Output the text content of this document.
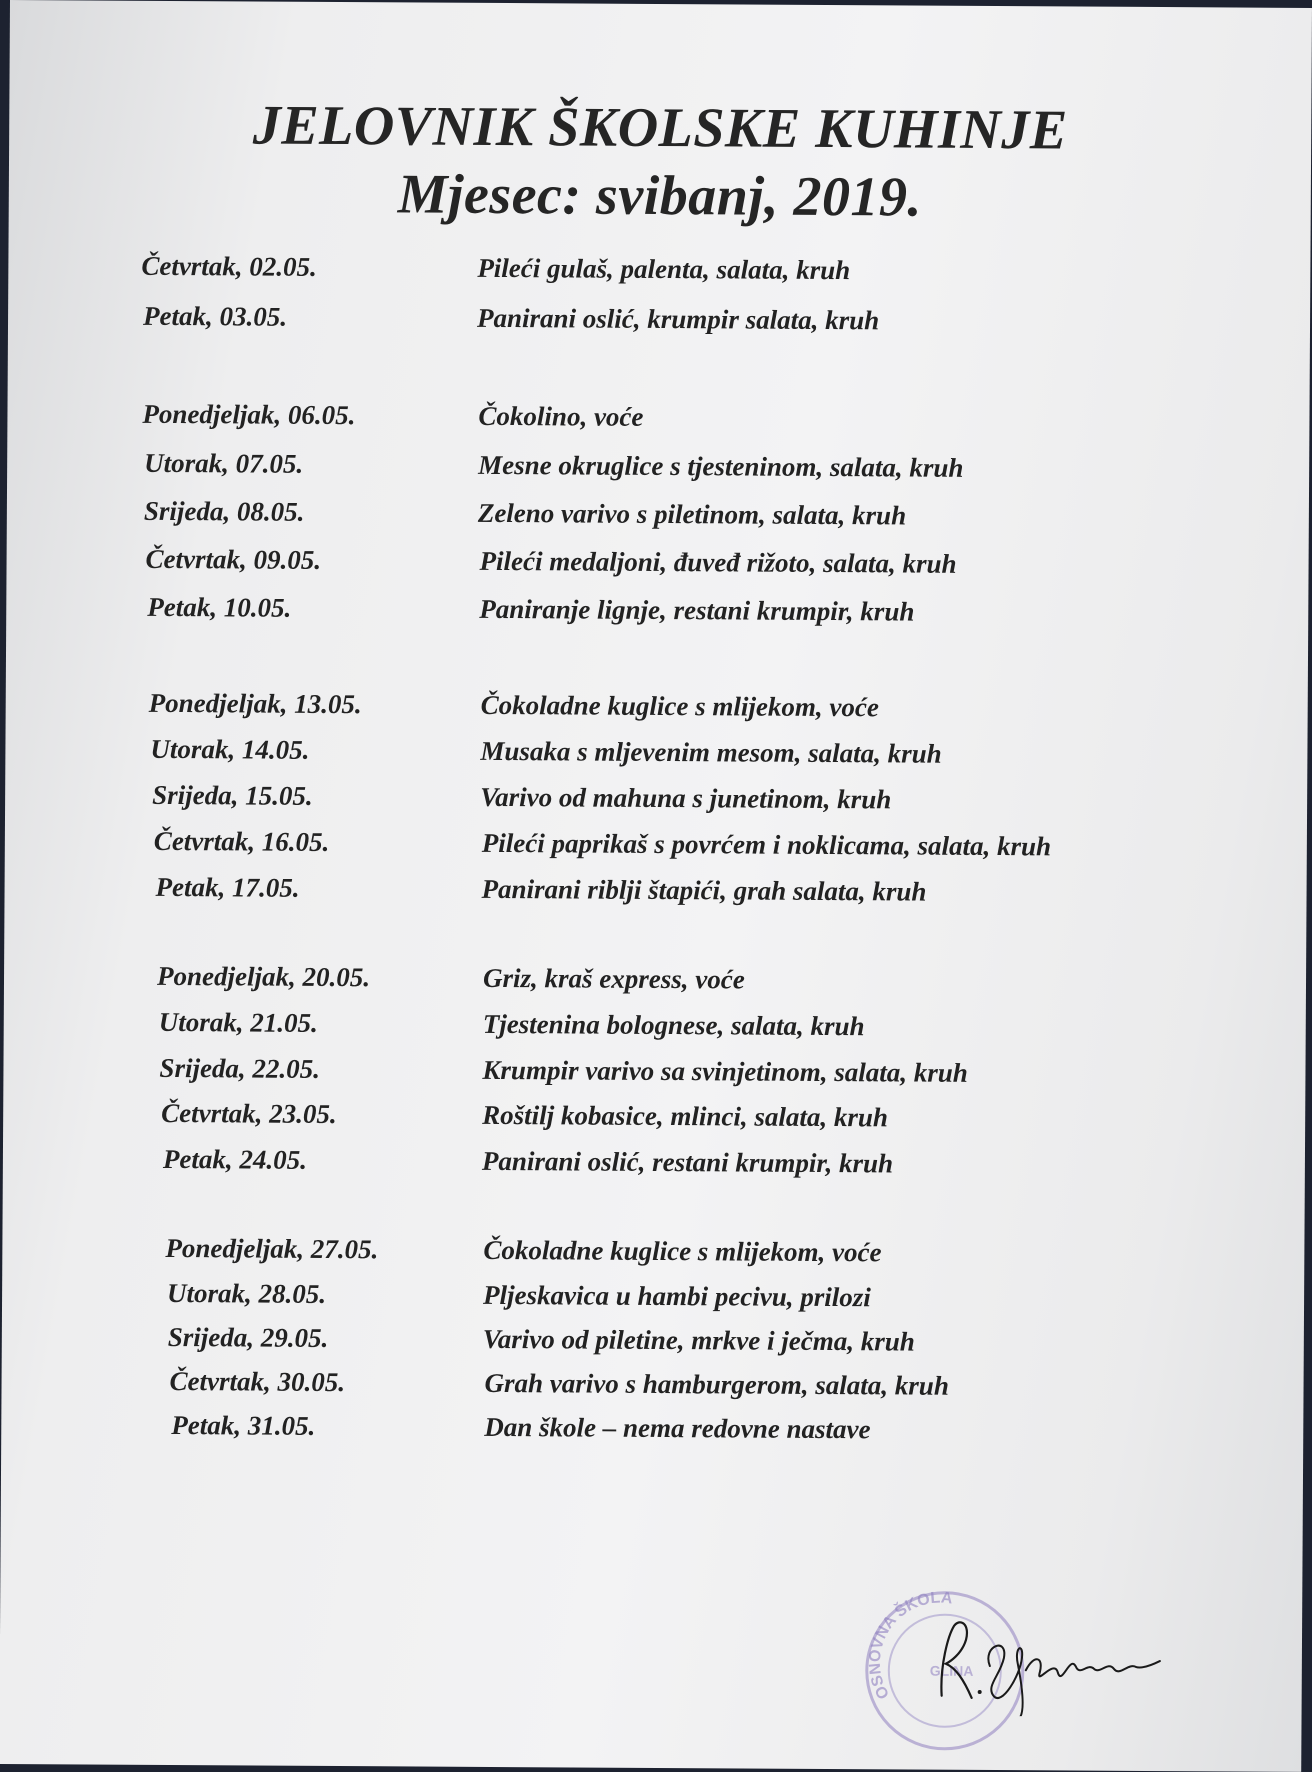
JELOVNIK ŠKOLSKE KUHINJE
Mjesec: svibanj, 2019.
Četvrtak, 02.05.	Pileći gulaš, palenta, salata, kruh
Petak, 03.05.	Panirani oslić, krumpir salata, kruh
Ponedjeljak, 06.05.	Čokolino, voće
Utorak, 07.05.	Mesne okruglice s tjesteninom, salata, kruh
Srijeda, 08.05.	Zeleno varivo s piletinom, salata, kruh
Četvrtak, 09.05.	Pileći medaljoni, đuveđ rižoto, salata, kruh
Petak, 10.05.	Paniranje lignje, restani krumpir, kruh
Ponedjeljak, 13.05.	Čokoladne kuglice s mlijekom, voće
Utorak, 14.05.	Musaka s mljevenim mesom, salata, kruh
Srijeda, 15.05.	Varivo od mahuna s junetinom, kruh
Četvrtak, 16.05.	Pileći paprikaš s povrćem i noklicama, salata, kruh
Petak, 17.05.	Panirani riblji štapići, grah salata, kruh
Ponedjeljak, 20.05.	Griz, kraš express, voće
Utorak, 21.05.	Tjestenina bolognese, salata, kruh
Srijeda, 22.05.	Krumpir varivo sa svinjetinom, salata, kruh
Četvrtak, 23.05.	Roštilj kobasice, mlinci, salata, kruh
Petak, 24.05.	Panirani oslić, restani krumpir, kruh
Ponedjeljak, 27.05.	Čokoladne kuglice s mlijekom, voće
Utorak, 28.05.	Pljeskavica u hambi pecivu, prilozi
Srijeda, 29.05.	Varivo od piletine, mrkve i ječma, kruh
Četvrtak, 30.05.	Grah varivo s hamburgerom, salata, kruh
Petak, 31.05.	Dan škole – nema redovne nastave
OSNOVNA ŠKOLA
GLINA
